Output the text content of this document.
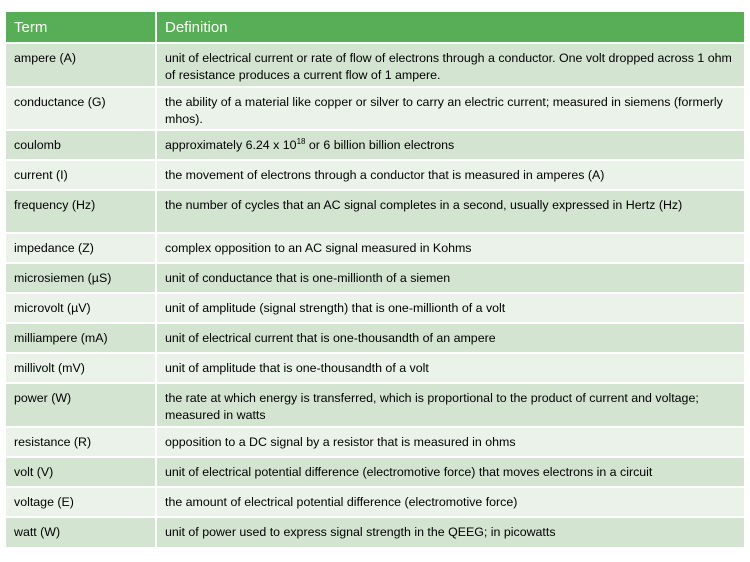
Term	Definition
ampere (A)	unit of electrical current or rate of flow of electrons through a conductor. One volt dropped across 1 ohm of resistance produces a current flow of 1 ampere.
conductance (G)	the ability of a material like copper or silver to carry an electric current; measured in siemens (formerly mhos).
coulomb	approximately 6.24 x $10^{18}$ or 6 billion billion electrons
current (I)	the movement of electrons through a conductor that is measured in amperes (A)
frequency (Hz)	the number of cycles that an AC signal completes in a second, usually expressed in Hertz (Hz)
impedance (Z)	complex opposition to an AC signal measured in Kohms
microsiemen (µS)	unit of conductance that is one-millionth of a siemen
microvolt (µV)	unit of amplitude (signal strength) that is one-millionth of a volt
milliampere (mA)	unit of electrical current that is one-thousandth of an ampere
millivolt (mV)	unit of amplitude that is one-thousandth of a volt
power (W)	the rate at which energy is transferred, which is proportional to the product of current and voltage; measured in watts
resistance (R)	opposition to a DC signal by a resistor that is measured in ohms
volt (V)	unit of electrical potential difference (electromotive force) that moves electrons in a circuit
voltage (E)	the amount of electrical potential difference (electromotive force)
watt (W)	unit of power used to express signal strength in the QEEG; in picowatts
